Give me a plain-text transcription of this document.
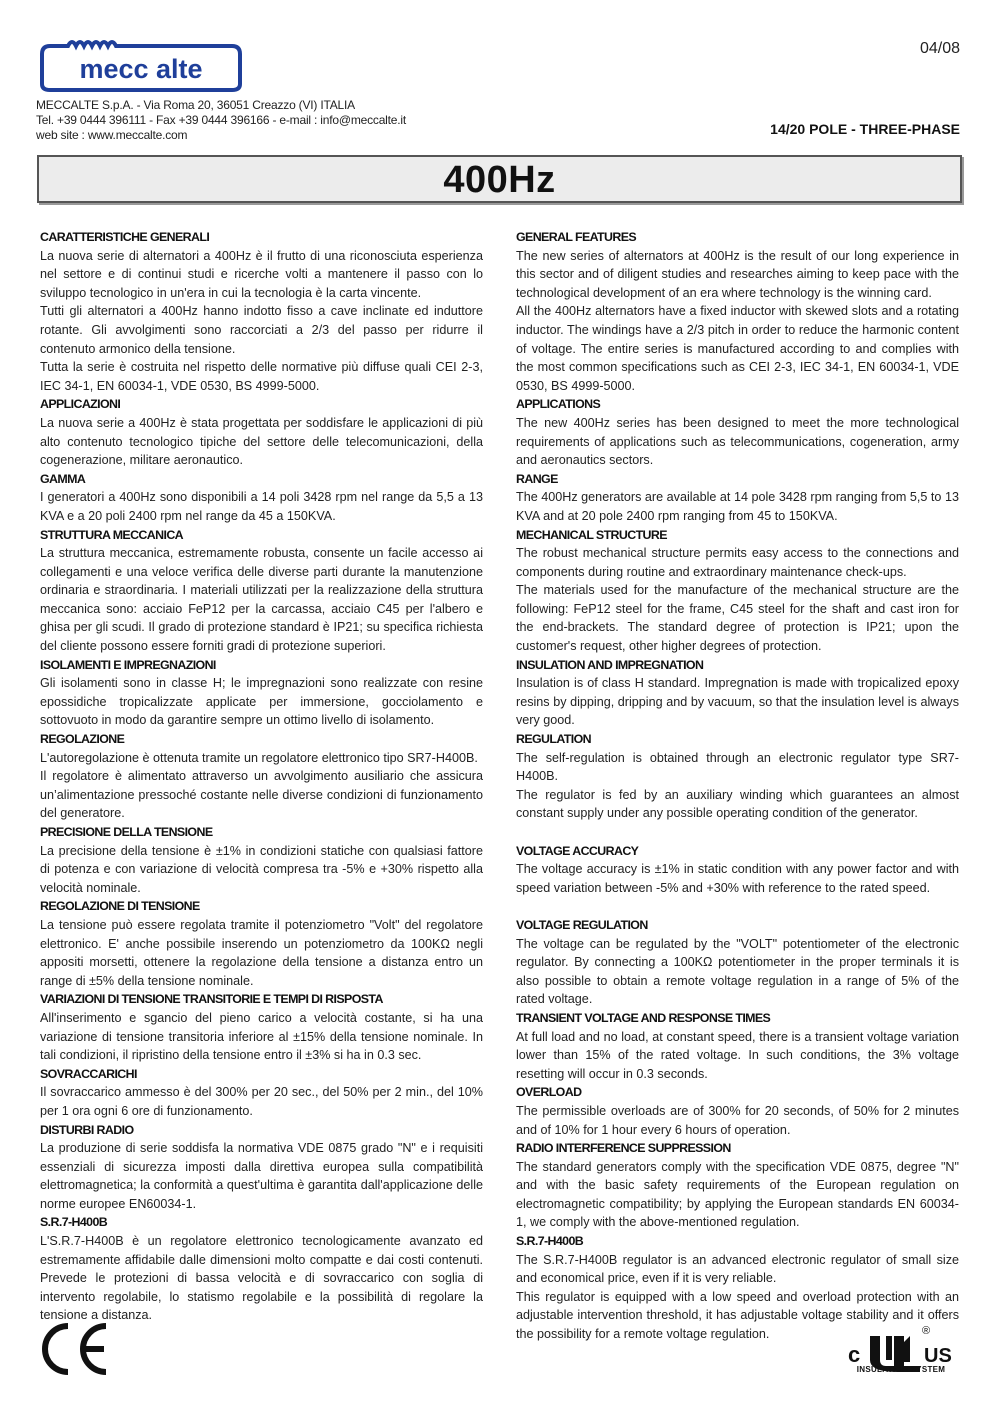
mecc alte
MECCALTE S.p.A. - Via Roma 20, 36051 Creazzo (VI) ITALIA
Tel. +39 0444 396111 - Fax +39 0444 396166 - e-mail : info@meccalte.it
web site : www.meccalte.com
04/08
14/20 POLE - THREE-PHASE
400Hz
CARATTERISTICHE GENERALI

La nuova serie di alternatori a 400Hz è il frutto di una riconosciuta esperienza nel settore e di continui studi e ricerche volti a mantenere il passo con lo sviluppo tecnologico in un'era in cui la tecnologia è la carta vincente.

Tutti gli alternatori a 400Hz hanno indotto fisso a cave inclinate ed induttore rotante. Gli avvolgimenti sono raccorciati a 2/3 del passo per ridurre il contenuto armonico della tensione.

Tutta la serie è costruita nel rispetto delle normative più diffuse quali CEI 2-3, IEC 34-1, EN 60034-1, VDE 0530, BS 4999-5000.

APPLICAZIONI

La nuova serie a 400Hz è stata progettata per soddisfare le applicazioni di più alto contenuto tecnologico tipiche del settore delle telecomunicazioni, della cogenerazione, militare aeronautico.

GAMMA

I generatori a 400Hz sono disponibili a 14 poli 3428 rpm nel range da 5,5 a 13 KVA e a 20 poli 2400 rpm nel range da 45 a 150KVA.

STRUTTURA MECCANICA

La struttura meccanica, estremamente robusta, consente un facile accesso ai collegamenti e una veloce verifica delle diverse parti durante la manutenzione ordinaria e straordinaria. I materiali utilizzati per la realizzazione della struttura meccanica sono: acciaio FeP12 per la carcassa, acciaio C45 per l'albero e ghisa per gli scudi. Il grado di protezione standard è IP21; su specifica richiesta del cliente possono essere forniti gradi di protezione superiori.

ISOLAMENTI E IMPREGNAZIONI

Gli isolamenti sono in classe H; le impregnazioni sono realizzate con resine epossidiche tropicalizzate applicate per immersione, gocciolamento e sottovuoto in modo da garantire sempre un ottimo livello di isolamento.

REGOLAZIONE

L'autoregolazione è ottenuta tramite un regolatore elettronico tipo SR7-H400B.

Il regolatore è alimentato attraverso un avvolgimento ausiliario che assicura un’alimentazione pressoché costante nelle diverse condizioni di funzionamento del generatore.

PRECISIONE DELLA TENSIONE

La precisione della tensione è ±1% in condizioni statiche con qualsiasi fattore di potenza e con variazione di velocità compresa tra -5% e +30% rispetto alla velocità nominale.

REGOLAZIONE DI TENSIONE

La tensione può essere regolata tramite il potenziometro "Volt" del regolatore elettronico. E' anche possibile inserendo un potenziometro da 100KΩ negli appositi morsetti, ottenere la regolazione della tensione a distanza entro un range di ±5% della tensione nominale.

VARIAZIONI DI TENSIONE TRANSITORIE E TEMPI DI RISPOSTA

All'inserimento e sgancio del pieno carico a velocità costante, si ha una variazione di tensione transitoria inferiore al ±15% della tensione nominale. In tali condizioni, il ripristino della tensione entro il ±3% si ha in 0.3 sec.

SOVRACCARICHI

Il sovraccarico ammesso è del 300% per 20 sec., del 50% per 2 min., del 10% per 1 ora ogni 6 ore di funzionamento.

DISTURBI RADIO

La produzione di serie soddisfa la normativa VDE 0875 grado "N" e i requisiti essenziali di sicurezza imposti dalla direttiva europea sulla compatibilità elettromagnetica; la conformità a quest'ultima è garantita dall'applicazione delle norme europee EN60034-1.

S.R.7-H400B

L'S.R.7-H400B è un regolatore elettronico tecnologicamente avanzato ed estremamente affidabile dalle dimensioni molto compatte e dai costi contenuti. Prevede le protezioni di bassa velocità e di sovraccarico con soglia di intervento regolabile, lo statismo regolabile e la possibilità di regolare la tensione a distanza.

GENERAL FEATURES

The new series of alternators at 400Hz is the result of our long experience in this sector and of diligent studies and researches aiming to keep pace with the technological development of an era where technology is the winning card.

All the 400Hz alternators have a fixed inductor with skewed slots and a rotating inductor. The windings have a 2/3 pitch in order to reduce the harmonic content of voltage. The entire series is manufactured according to and complies with the most common specifications such as CEI 2-3, IEC 34-1, EN 60034-1, VDE 0530, BS 4999-5000.

APPLICATIONS

The new 400Hz series has been designed to meet the more technological requirements of applications such as telecommunications, cogeneration, army and aeronautics sectors.

RANGE

The 400Hz generators are available at 14 pole 3428 rpm ranging from 5,5 to 13 KVA and at 20 pole 2400 rpm ranging from 45 to 150KVA.

MECHANICAL STRUCTURE

The robust mechanical structure permits easy access to the connections and components during routine and extraordinary maintenance check-ups.

The materials used for the manufacture of the mechanical structure are the following: FeP12 steel for the frame, C45 steel for the shaft and cast iron for the end-brackets. The standard degree of protection is IP21; upon the customer's request, other higher degrees of protection.

INSULATION AND IMPREGNATION

Insulation is of class H standard. Impregnation is made with tropicalized epoxy resins by dipping, dripping and by vacuum, so that the insulation level is always very good.

REGULATION

The self-regulation is obtained through an electronic regulator type SR7-H400B.

The regulator is fed by an auxiliary winding which guarantees an almost constant supply under any possible operating condition of the generator.

VOLTAGE ACCURACY

The voltage accuracy is ±1% in static condition with any power factor and with speed variation between -5% and +30% with reference to the rated speed.

VOLTAGE REGULATION

The voltage can be regulated by the "VOLT" potentiometer of the electronic regulator. By connecting a 100KΩ potentiometer in the proper terminals it is also possible to obtain a remote voltage regulation in a range of 5% of the rated voltage.

TRANSIENT VOLTAGE AND RESPONSE TIMES

At full load and no load, at constant speed, there is a transient voltage variation lower than 15% of the rated voltage. In such conditions, the 3% voltage resetting will occur in 0.3 seconds.

OVERLOAD

The permissible overloads are of 300% for 20 seconds, of 50% for 2 minutes and of 10% for 1 hour every 6 hours of operation.

RADIO INTERFERENCE SUPPRESSION

The standard generators comply with the specification VDE 0875, degree "N" and with the basic safety requirements of the European regulation on electromagnetic compatibility; by applying the European standards EN 60034-1, we comply with the above-mentioned regulation.

S.R.7-H400B

The S.R.7-H400B regulator is an advanced electronic regulator of small size and economical price, even if it is very reliable.

This regulator is equipped with a low speed and overload protection with an adjustable intervention threshold, it has adjustable voltage stability and it offers the possibility for a remote voltage regulation.

c	US
®
INSULATION SYSTEM
